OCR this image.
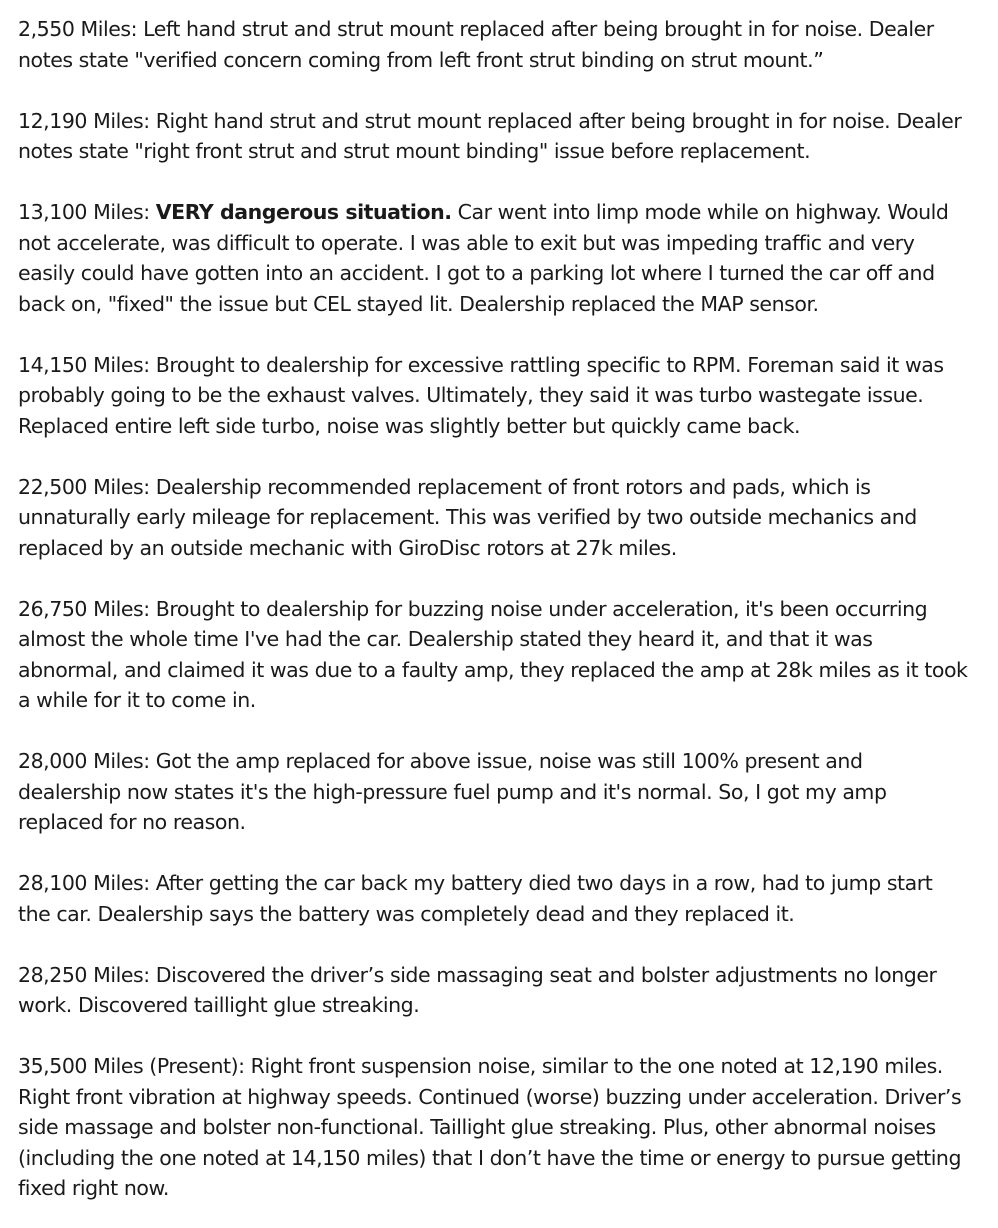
2,550 Miles: Left hand strut and strut mount replaced after being brought in for noise. Dealer notes state "verified concern coming from left front strut binding on strut mount.”

12,190 Miles: Right hand strut and strut mount replaced after being brought in for noise. Dealer notes state "right front strut and strut mount binding" issue before replacement.

13,100 Miles: VERY dangerous situation. Car went into limp mode while on highway. Would not accelerate, was difficult to operate. I was able to exit but was impeding traffic and very easily could have gotten into an accident. I got to a parking lot where I turned the car off and back on, "fixed" the issue but CEL stayed lit. Dealership replaced the MAP sensor.

14,150 Miles: Brought to dealership for excessive rattling specific to RPM. Foreman said it was probably going to be the exhaust valves. Ultimately, they said it was turbo wastegate issue. Replaced entire left side turbo, noise was slightly better but quickly came back.

22,500 Miles: Dealership recommended replacement of front rotors and pads, which is unnaturally early mileage for replacement. This was verified by two outside mechanics and replaced by an outside mechanic with GiroDisc rotors at 27k miles.

26,750 Miles: Brought to dealership for buzzing noise under acceleration, it's been occurring almost the whole time I've had the car. Dealership stated they heard it, and that it was abnormal, and claimed it was due to a faulty amp, they replaced the amp at 28k miles as it took a while for it to come in.

28,000 Miles: Got the amp replaced for above issue, noise was still 100% present and dealership now states it's the high-pressure fuel pump and it's normal. So, I got my amp replaced for no reason.

28,100 Miles: After getting the car back my battery died two days in a row, had to jump start the car. Dealership says the battery was completely dead and they replaced it.

28,250 Miles: Discovered the driver’s side massaging seat and bolster adjustments no longer work. Discovered taillight glue streaking.

35,500 Miles (Present): Right front suspension noise, similar to the one noted at 12,190 miles. Right front vibration at highway speeds. Continued (worse) buzzing under acceleration. Driver’s side massage and bolster non-functional. Taillight glue streaking. Plus, other abnormal noises (including the one noted at 14,150 miles) that I don’t have the time or energy to pursue getting fixed right now.
